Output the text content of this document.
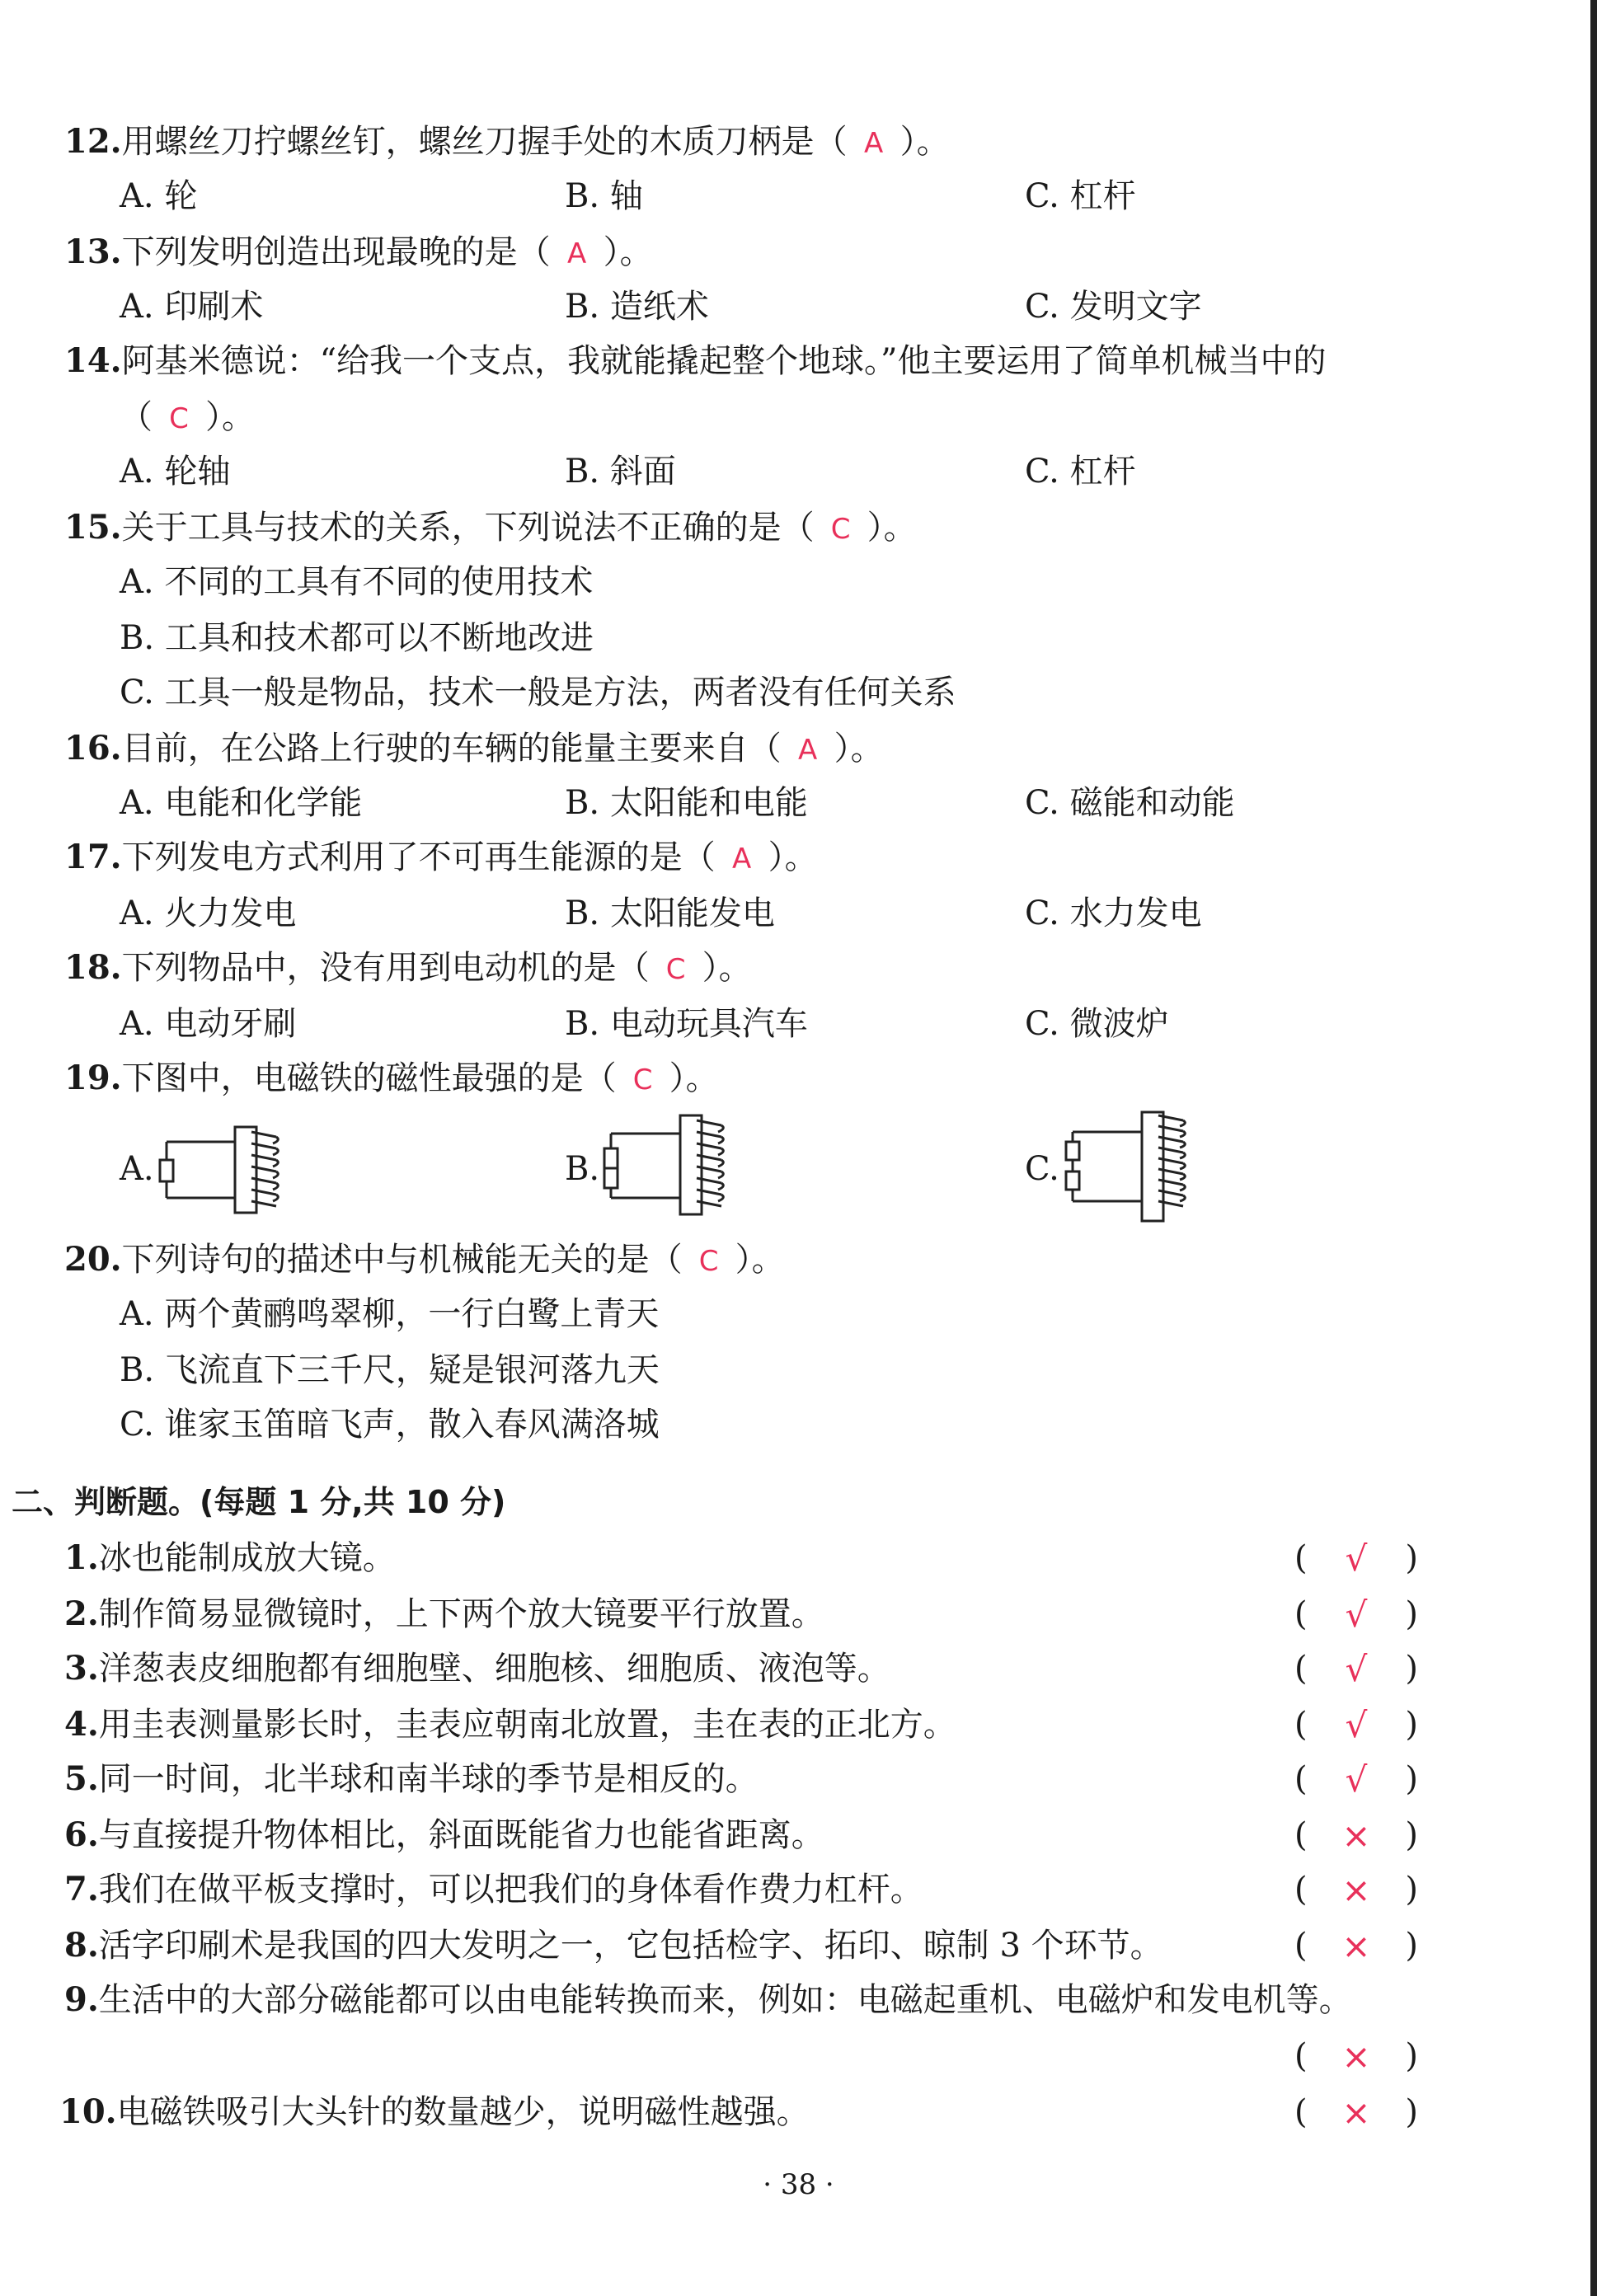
12.用螺丝刀拧螺丝钉，螺丝刀握手处的木质刀柄是（ A ）。
A. 轮	B. 轴	C. 杠杆
13.下列发明创造出现最晚的是（ A ）。
A. 印刷术	B. 造纸术	C. 发明文字
14.阿基米德说：“给我一个支点，我就能撬起整个地球。”他主要运用了简单机械当中的
（ C ）。
A. 轮轴	B. 斜面	C. 杠杆
15.关于工具与技术的关系，下列说法不正确的是（ C ）。
A. 不同的工具有不同的使用技术
B. 工具和技术都可以不断地改进
C. 工具一般是物品，技术一般是方法，两者没有任何关系
16.目前，在公路上行驶的车辆的能量主要来自（ A ）。
A. 电能和化学能	B. 太阳能和电能	C. 磁能和动能
17.下列发电方式利用了不可再生能源的是（ A ）。
A. 火力发电	B. 太阳能发电	C. 水力发电
18.下列物品中，没有用到电动机的是（ C ）。
A. 电动牙刷	B. 电动玩具汽车	C. 微波炉
19.下图中，电磁铁的磁性最强的是（ C ）。
A.	B.	C.
20.下列诗句的描述中与机械能无关的是（ C ）。
A. 两个黄鹂鸣翠柳，一行白鹭上青天
B. 飞流直下三千尺，疑是银河落九天
C. 谁家玉笛暗飞声，散入春风满洛城
二、判断题。(每题 1 分,共 10 分)
1.冰也能制成放大镜。	( √ )
2.制作简易显微镜时，上下两个放大镜要平行放置。	( √ )
3.洋葱表皮细胞都有细胞壁、细胞核、细胞质、液泡等。	( √ )
4.用圭表测量影长时，圭表应朝南北放置，圭在表的正北方。	( √ )
5.同一时间，北半球和南半球的季节是相反的。	( √ )
6.与直接提升物体相比，斜面既能省力也能省距离。	( × )
7.我们在做平板支撑时，可以把我们的身体看作费力杠杆。	( × )
8.活字印刷术是我国的四大发明之一，它包括检字、拓印、晾制 3 个环节。	( × )
9.生活中的大部分磁能都可以由电能转换而来，例如：电磁起重机、电磁炉和发电机等。
( × )
10.电磁铁吸引大头针的数量越少，说明磁性越强。	( × )
· 38 ·
